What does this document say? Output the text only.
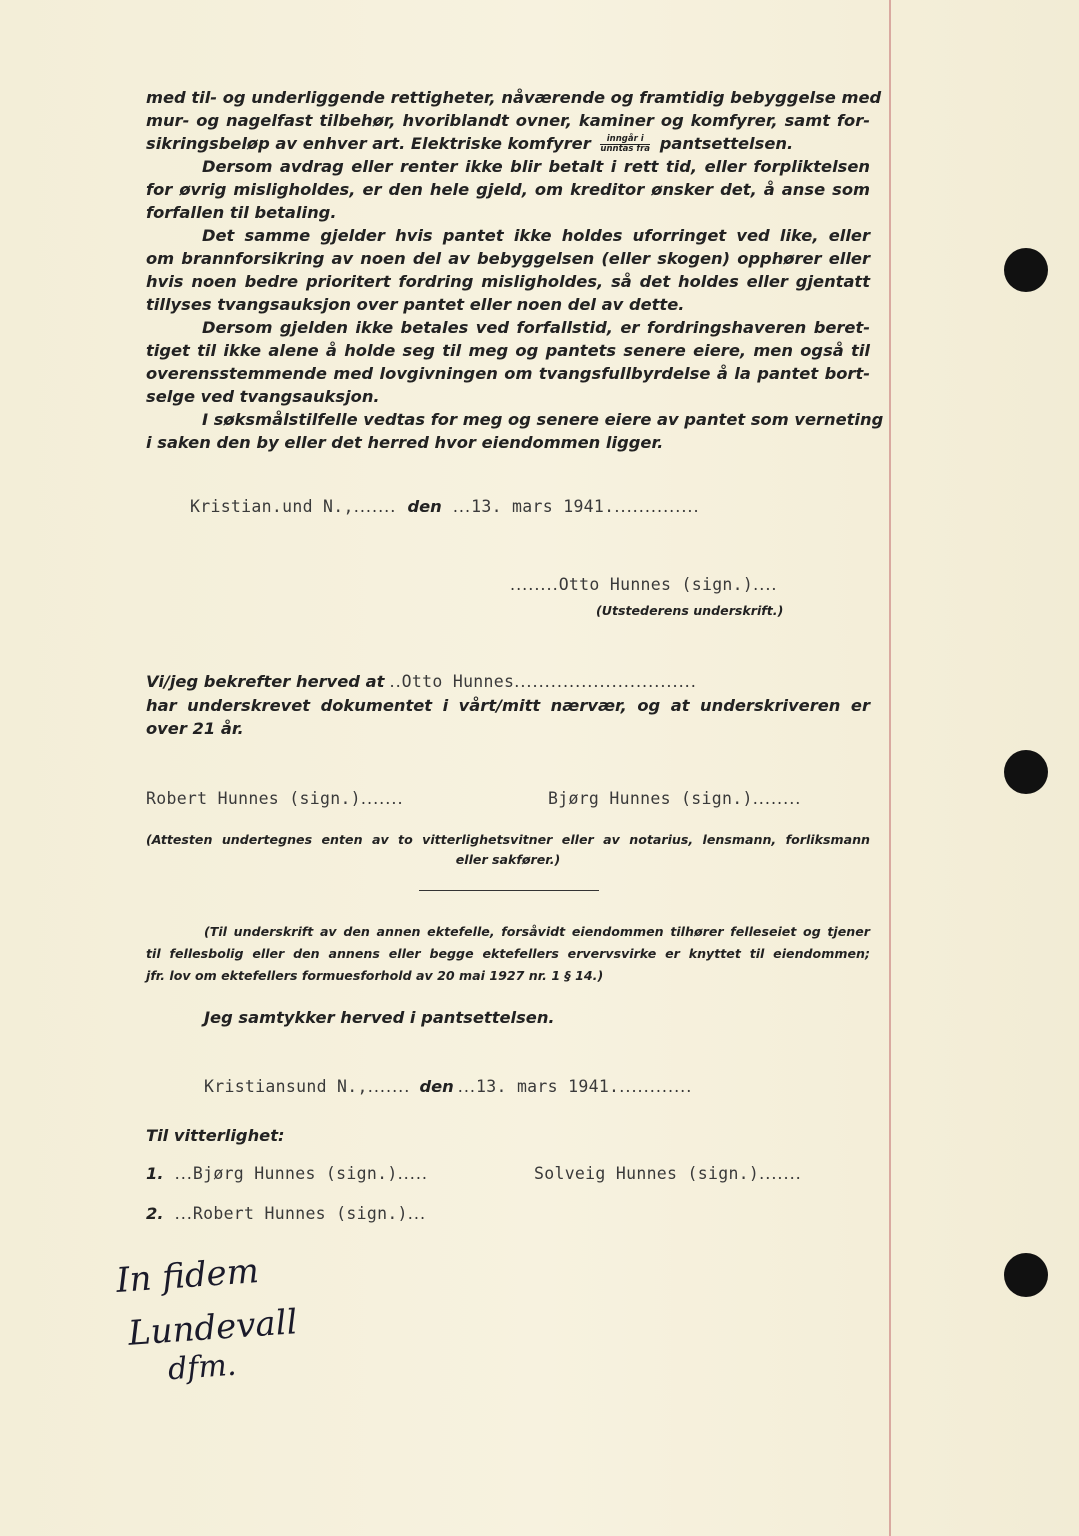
med til- og underliggende rettigheter, nåværende og framtidig bebyggelse med
mur- og nagelfast tilbehør, hvoriblandt ovner, kaminer og komfyrer, samt for-
sikringsbeløp av enhver art. Elektriske komfyrer $\frac{\text{inngår i}}{\text{unntas fra}}$ pantsettelsen.
Dersom avdrag eller renter ikke blir betalt i rett tid, eller forpliktelsen
for øvrig misligholdes, er den hele gjeld, om kreditor ønsker det, å anse som
forfallen til betaling.
Det samme gjelder hvis pantet ikke holdes uforringet ved like, eller
om brannforsikring av noen del av bebyggelsen (eller skogen) opphører eller
hvis noen bedre prioritert fordring misligholdes, så det holdes eller gjentatt
tillyses tvangsauksjon over pantet eller noen del av dette.
Dersom gjelden ikke betales ved forfallstid, er fordringshaveren beret-
tiget til ikke alene å holde seg til meg og pantets senere eiere, men også til
overensstemmende med lovgivningen om tvangsfullbyrdelse å la pantet bort-
selge ved tvangsauksjon.
I søksmålstilfelle vedtas for meg og senere eiere av pantet som verneting
i saken den by eller det herred hvor eiendommen ligger.
Kristian.und N.,....... den ...13. mars 1941...............
........Otto Hunnes (sign.)....
(Utstederens underskrift.)
Vi/jeg bekrefter herved at ..Otto Hunnes..............................
har underskrevet dokumentet i vårt/mitt nærvær, og at underskriveren er
over 21 år.
Robert Hunnes (sign.).......	Bjørg Hunnes (sign.)........
(Attesten undertegnes enten av to vitterlighetsvitner eller av notarius, lensmann, forliksmann
eller sakfører.)
(Til underskrift av den annen ektefelle, forsåvidt eiendommen tilhører felleseiet og tjener
til fellesbolig eller den annens eller begge ektefellers ervervsvirke er knyttet til eiendommen;
jfr. lov om ektefellers formuesforhold av 20 mai 1927 nr. 1 § 14.)
Jeg samtykker herved i pantsettelsen.
Kristiansund N.,....... den ...13. mars 1941.............
Til vitterlighet:
1. ...Bjørg Hunnes (sign.).....	Solveig Hunnes (sign.).......
2. ...Robert Hunnes (sign.)...
In fidem
Lundevall
dfm.
